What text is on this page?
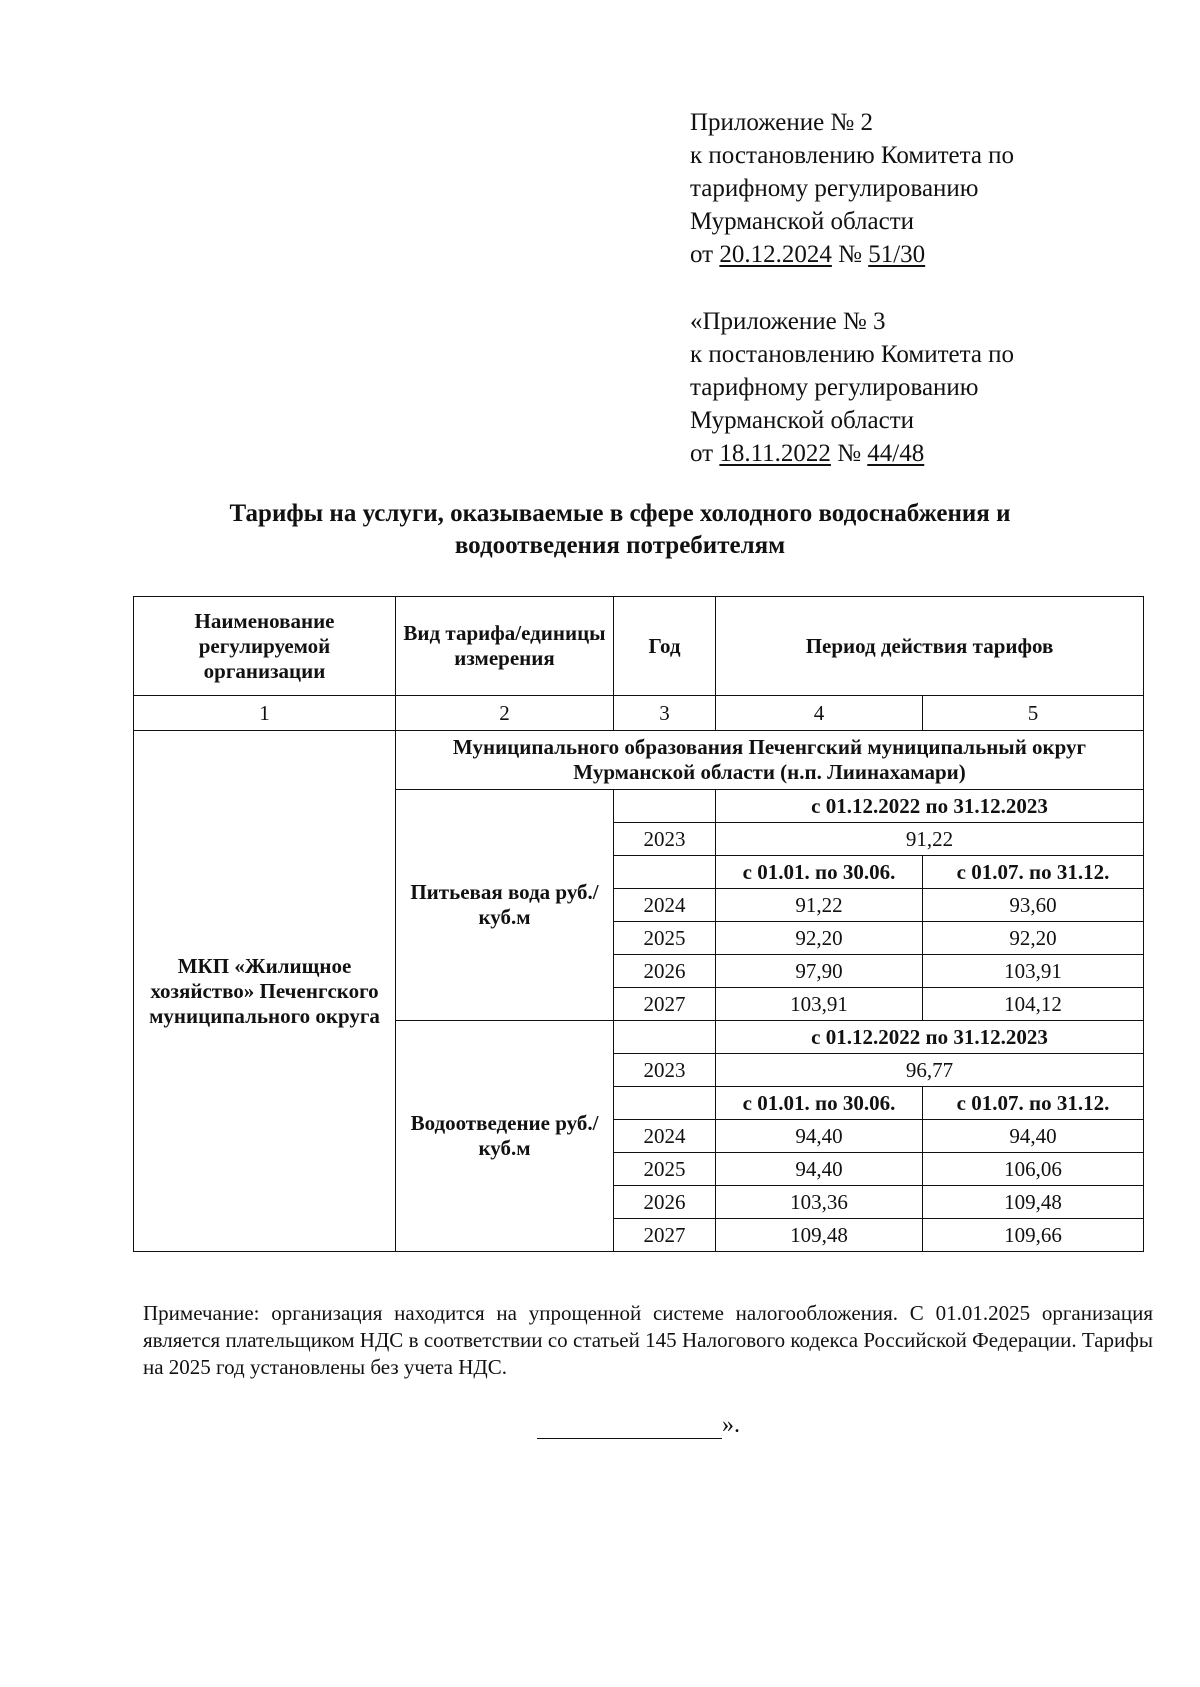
Приложение № 2
к постановлению Комитета по
тарифному регулированию
Мурманской области
от 20.12.2024 № 51/30
«Приложение № 3
к постановлению Комитета по
тарифному регулированию
Мурманской области
от 18.11.2022 № 44/48
Тарифы на услуги, оказываемые в сфере холодного водоснабжения и водоотведения потребителям
Наименование регулируемой организации	Вид тарифа/единицы измерения	Год	Период действия тарифов	
1	2	3	4	5
МКП «Жилищное хозяйство» Печенгского муниципального округа	Муниципального образования Печенгский муниципальный округ Мурманской области (н.п. Лиинахамари)			
	Питьевая вода руб./куб.м		с 01.12.2022 по 31.12.2023	
		2023	91,22	
			с 01.01. по 30.06.	с 01.07. по 31.12.
		2024	91,22	93,60
		2025	92,20	92,20
		2026	97,90	103,91
		2027	103,91	104,12
	Водоотведение руб./куб.м		с 01.12.2022 по 31.12.2023	
		2023	96,77	
			с 01.01. по 30.06.	с 01.07. по 31.12.
		2024	94,40	94,40
		2025	94,40	106,06
		2026	103,36	109,48
		2027	109,48	109,66
Примечание: организация находится на упрощенной системе налогообложения. С 01.01.2025 организация является плательщиком НДС в соответствии со статьей 145 Налогового кодекса Российской Федерации. Тарифы на 2025 год установлены без учета НДС.
».
